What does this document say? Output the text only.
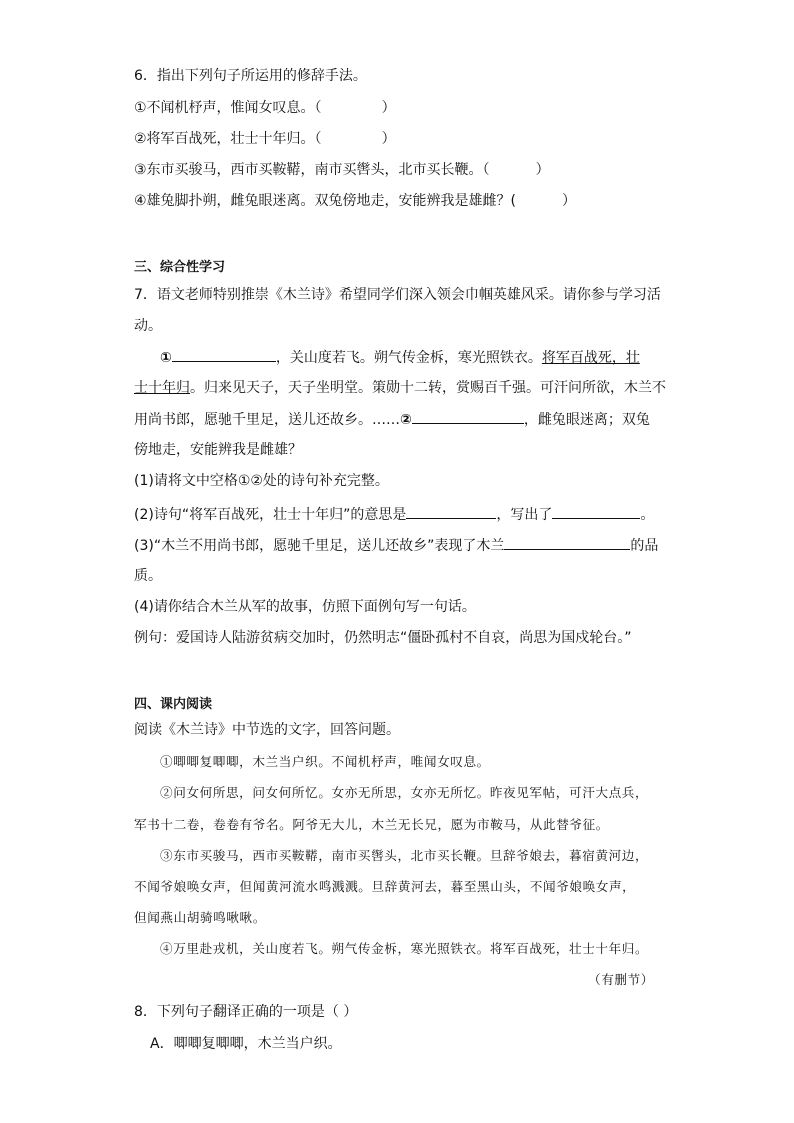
6．指出下列句子所运用的修辞手法。
①不闻机杼声，惟闻女叹息。（	）
②将军百战死，壮士十年归。（	）
③东市买骏马，西市买鞍鞯，南市买辔头，北市买长鞭。（	）
④雄兔脚扑朔，雌兔眼迷离。双兔傍地走，安能辨我是雄雌？(	）
三、综合性学习
7．语文老师特别推崇《木兰诗》希望同学们深入领会巾帼英雄风采。请你参与学习活
动。
①	，关山度若飞。朔气传金柝，寒光照铁衣。将军百战死，壮
士十年归。归来见天子，天子坐明堂。策勋十二转，赏赐百千强。可汗问所欲，木兰不
用尚书郎，愿驰千里足，送儿还故乡。……②	，雌兔眼迷离；双兔
傍地走，安能辨我是雌雄？
(1)请将文中空格①②处的诗句补充完整。
(2)诗句“将军百战死，壮士十年归”的意思是	，写出了	。
(3)“木兰不用尚书郎，愿驰千里足，送儿还故乡”表现了木兰	的品
质。
(4)请你结合木兰从军的故事，仿照下面例句写一句话。
例句：爱国诗人陆游贫病交加时，仍然明志“僵卧孤村不自哀，尚思为国戍轮台。”
四、课内阅读
阅读《木兰诗》中节选的文字，回答问题。
①唧唧复唧唧，木兰当户织。不闻机杼声，唯闻女叹息。
②问女何所思，问女何所忆。女亦无所思，女亦无所忆。昨夜见军帖，可汗大点兵，
军书十二卷，卷卷有爷名。阿爷无大儿，木兰无长兄，愿为市鞍马，从此替爷征。
③东市买骏马，西市买鞍鞯，南市买辔头，北市买长鞭。旦辞爷娘去，暮宿黄河边，
不闻爷娘唤女声，但闻黄河流水鸣溅溅。旦辞黄河去，暮至黑山头，不闻爷娘唤女声，
但闻燕山胡骑鸣啾啾。
④万里赴戎机，关山度若飞。朔气传金柝，寒光照铁衣。将军百战死，壮士十年归。
（有删节）
8．下列句子翻译正确的一项是（ ）
A．唧唧复唧唧，木兰当户织。
